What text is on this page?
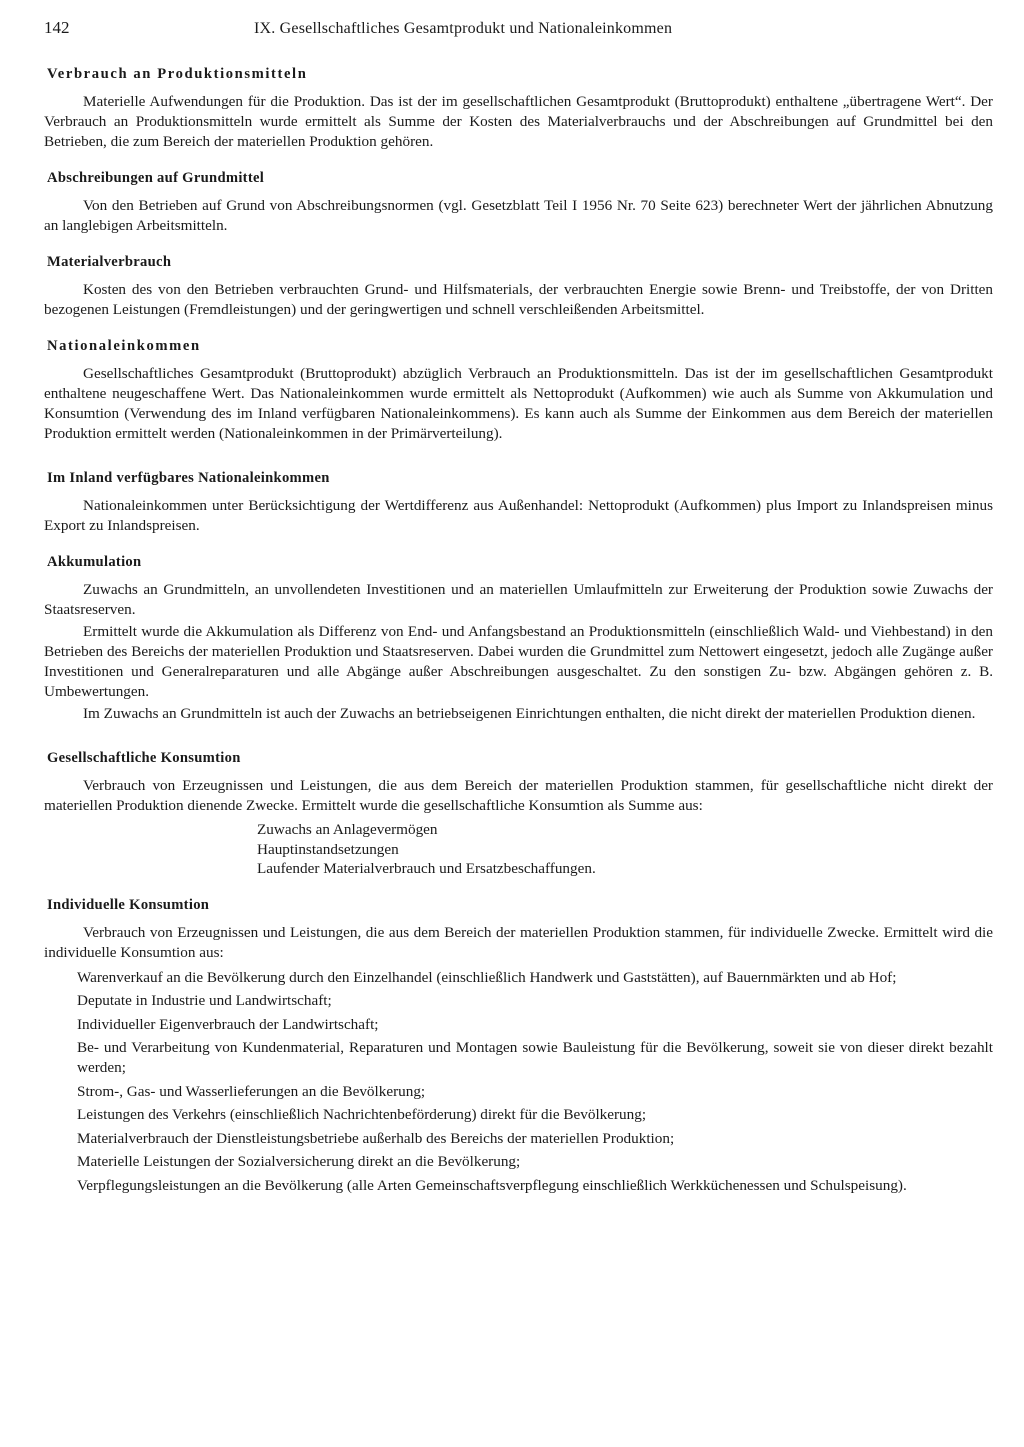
142	IX. Gesellschaftliches Gesamtprodukt und Nationaleinkommen
Verbrauch an Produktionsmitteln

Materielle Aufwendungen für die Produktion. Das ist der im gesellschaftlichen Gesamtprodukt (Bruttoprodukt) enthaltene „übertragene Wert“. Der Verbrauch an Produktionsmitteln wurde ermittelt als Summe der Kosten des Materialverbrauchs und der Abschreibungen auf Grundmittel bei den Betrieben, die zum Bereich der materiellen Produktion gehören.

Abschreibungen auf Grundmittel

Von den Betrieben auf Grund von Abschreibungsnormen (vgl. Gesetzblatt Teil I 1956 Nr. 70 Seite 623) berechneter Wert der jährlichen Abnutzung an langlebigen Arbeitsmitteln.

Materialverbrauch

Kosten des von den Betrieben verbrauchten Grund- und Hilfsmaterials, der verbrauchten Energie sowie Brenn- und Treibstoffe, der von Dritten bezogenen Leistungen (Fremdleistungen) und der geringwertigen und schnell verschleißenden Arbeitsmittel.

Nationaleinkommen

Gesellschaftliches Gesamtprodukt (Bruttoprodukt) abzüglich Verbrauch an Produktionsmitteln. Das ist der im gesellschaftlichen Gesamtprodukt enthaltene neugeschaffene Wert. Das Nationaleinkommen wurde ermittelt als Nettoprodukt (Aufkommen) wie auch als Summe von Akkumulation und Konsumtion (Verwendung des im Inland verfügbaren Nationaleinkommens). Es kann auch als Summe der Einkommen aus dem Bereich der materiellen Produktion ermittelt werden (Nationaleinkommen in der Primärverteilung).

Im Inland verfügbares Nationaleinkommen

Nationaleinkommen unter Berücksichtigung der Wertdifferenz aus Außenhandel: Nettoprodukt (Aufkommen) plus Import zu Inlandspreisen minus Export zu Inlandspreisen.

Akkumulation

Zuwachs an Grundmitteln, an unvollendeten Investitionen und an materiellen Umlaufmitteln zur Erweiterung der Produktion sowie Zuwachs der Staatsreserven.

Ermittelt wurde die Akkumulation als Differenz von End- und Anfangsbestand an Produktionsmitteln (einschließlich Wald- und Viehbestand) in den Betrieben des Bereichs der materiellen Produktion und Staatsreserven. Dabei wurden die Grundmittel zum Nettowert eingesetzt, jedoch alle Zugänge außer Investitionen und Generalreparaturen und alle Abgänge außer Abschreibungen ausgeschaltet. Zu den sonstigen Zu- bzw. Abgängen gehören z. B. Umbewertungen.

Im Zuwachs an Grundmitteln ist auch der Zuwachs an betriebseigenen Einrichtungen enthalten, die nicht direkt der materiellen Produktion dienen.

Gesellschaftliche Konsumtion

Verbrauch von Erzeugnissen und Leistungen, die aus dem Bereich der materiellen Produktion stammen, für gesellschaftliche nicht direkt der materiellen Produktion dienende Zwecke. Ermittelt wurde die gesellschaftliche Konsumtion als Summe aus:

Zuwachs an Anlagevermögen
Hauptinstandsetzungen
Laufender Materialverbrauch und Ersatzbeschaffungen.
Individuelle Konsumtion

Verbrauch von Erzeugnissen und Leistungen, die aus dem Bereich der materiellen Produktion stammen, für individuelle Zwecke. Ermittelt wird die individuelle Konsumtion aus:

Warenverkauf an die Bevölkerung durch den Einzelhandel (einschließlich Handwerk und Gaststätten), auf Bauernmärkten und ab Hof;
Deputate in Industrie und Landwirtschaft;
Individueller Eigenverbrauch der Landwirtschaft;
Be- und Verarbeitung von Kundenmaterial, Reparaturen und Montagen sowie Bauleistung für die Bevölkerung, soweit sie von dieser direkt bezahlt werden;
Strom-, Gas- und Wasserlieferungen an die Bevölkerung;
Leistungen des Verkehrs (einschließlich Nachrichtenbeförderung) direkt für die Bevölkerung;
Materialverbrauch der Dienstleistungsbetriebe außerhalb des Bereichs der materiellen Produktion;
Materielle Leistungen der Sozialversicherung direkt an die Bevölkerung;
Verpflegungsleistungen an die Bevölkerung (alle Arten Gemeinschaftsverpflegung einschließlich Werkküchenessen und Schulspeisung).
